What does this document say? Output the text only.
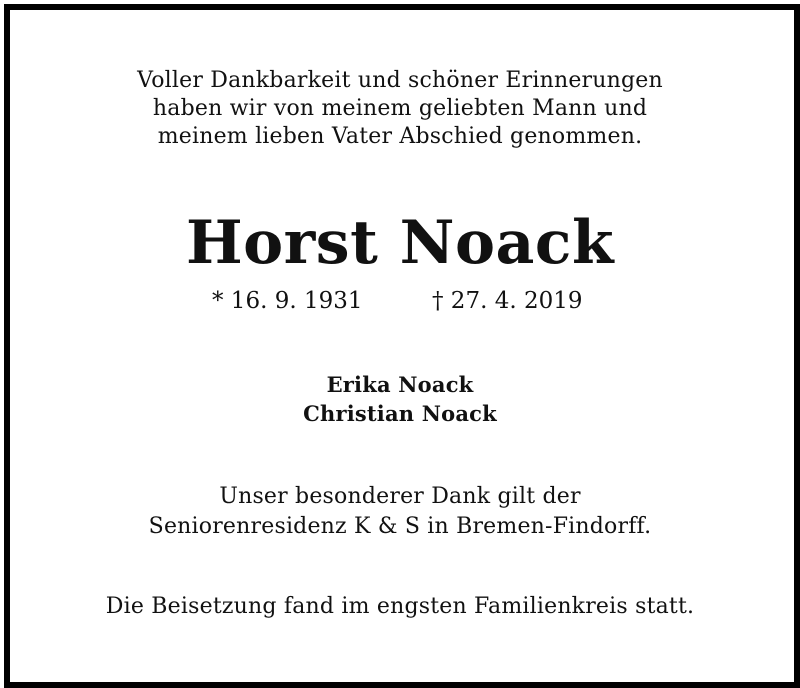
Voller Dankbarkeit und schöner Erinnerungen
haben wir von meinem geliebten Mann und
meinem lieben Vater Abschied genommen.
Horst Noack
* 16. 9. 1931	† 27. 4. 2019
Erika Noack
Christian Noack
Unser besonderer Dank gilt der
Seniorenresidenz K & S in Bremen-Findorff.
Die Beisetzung fand im engsten Familienkreis statt.
